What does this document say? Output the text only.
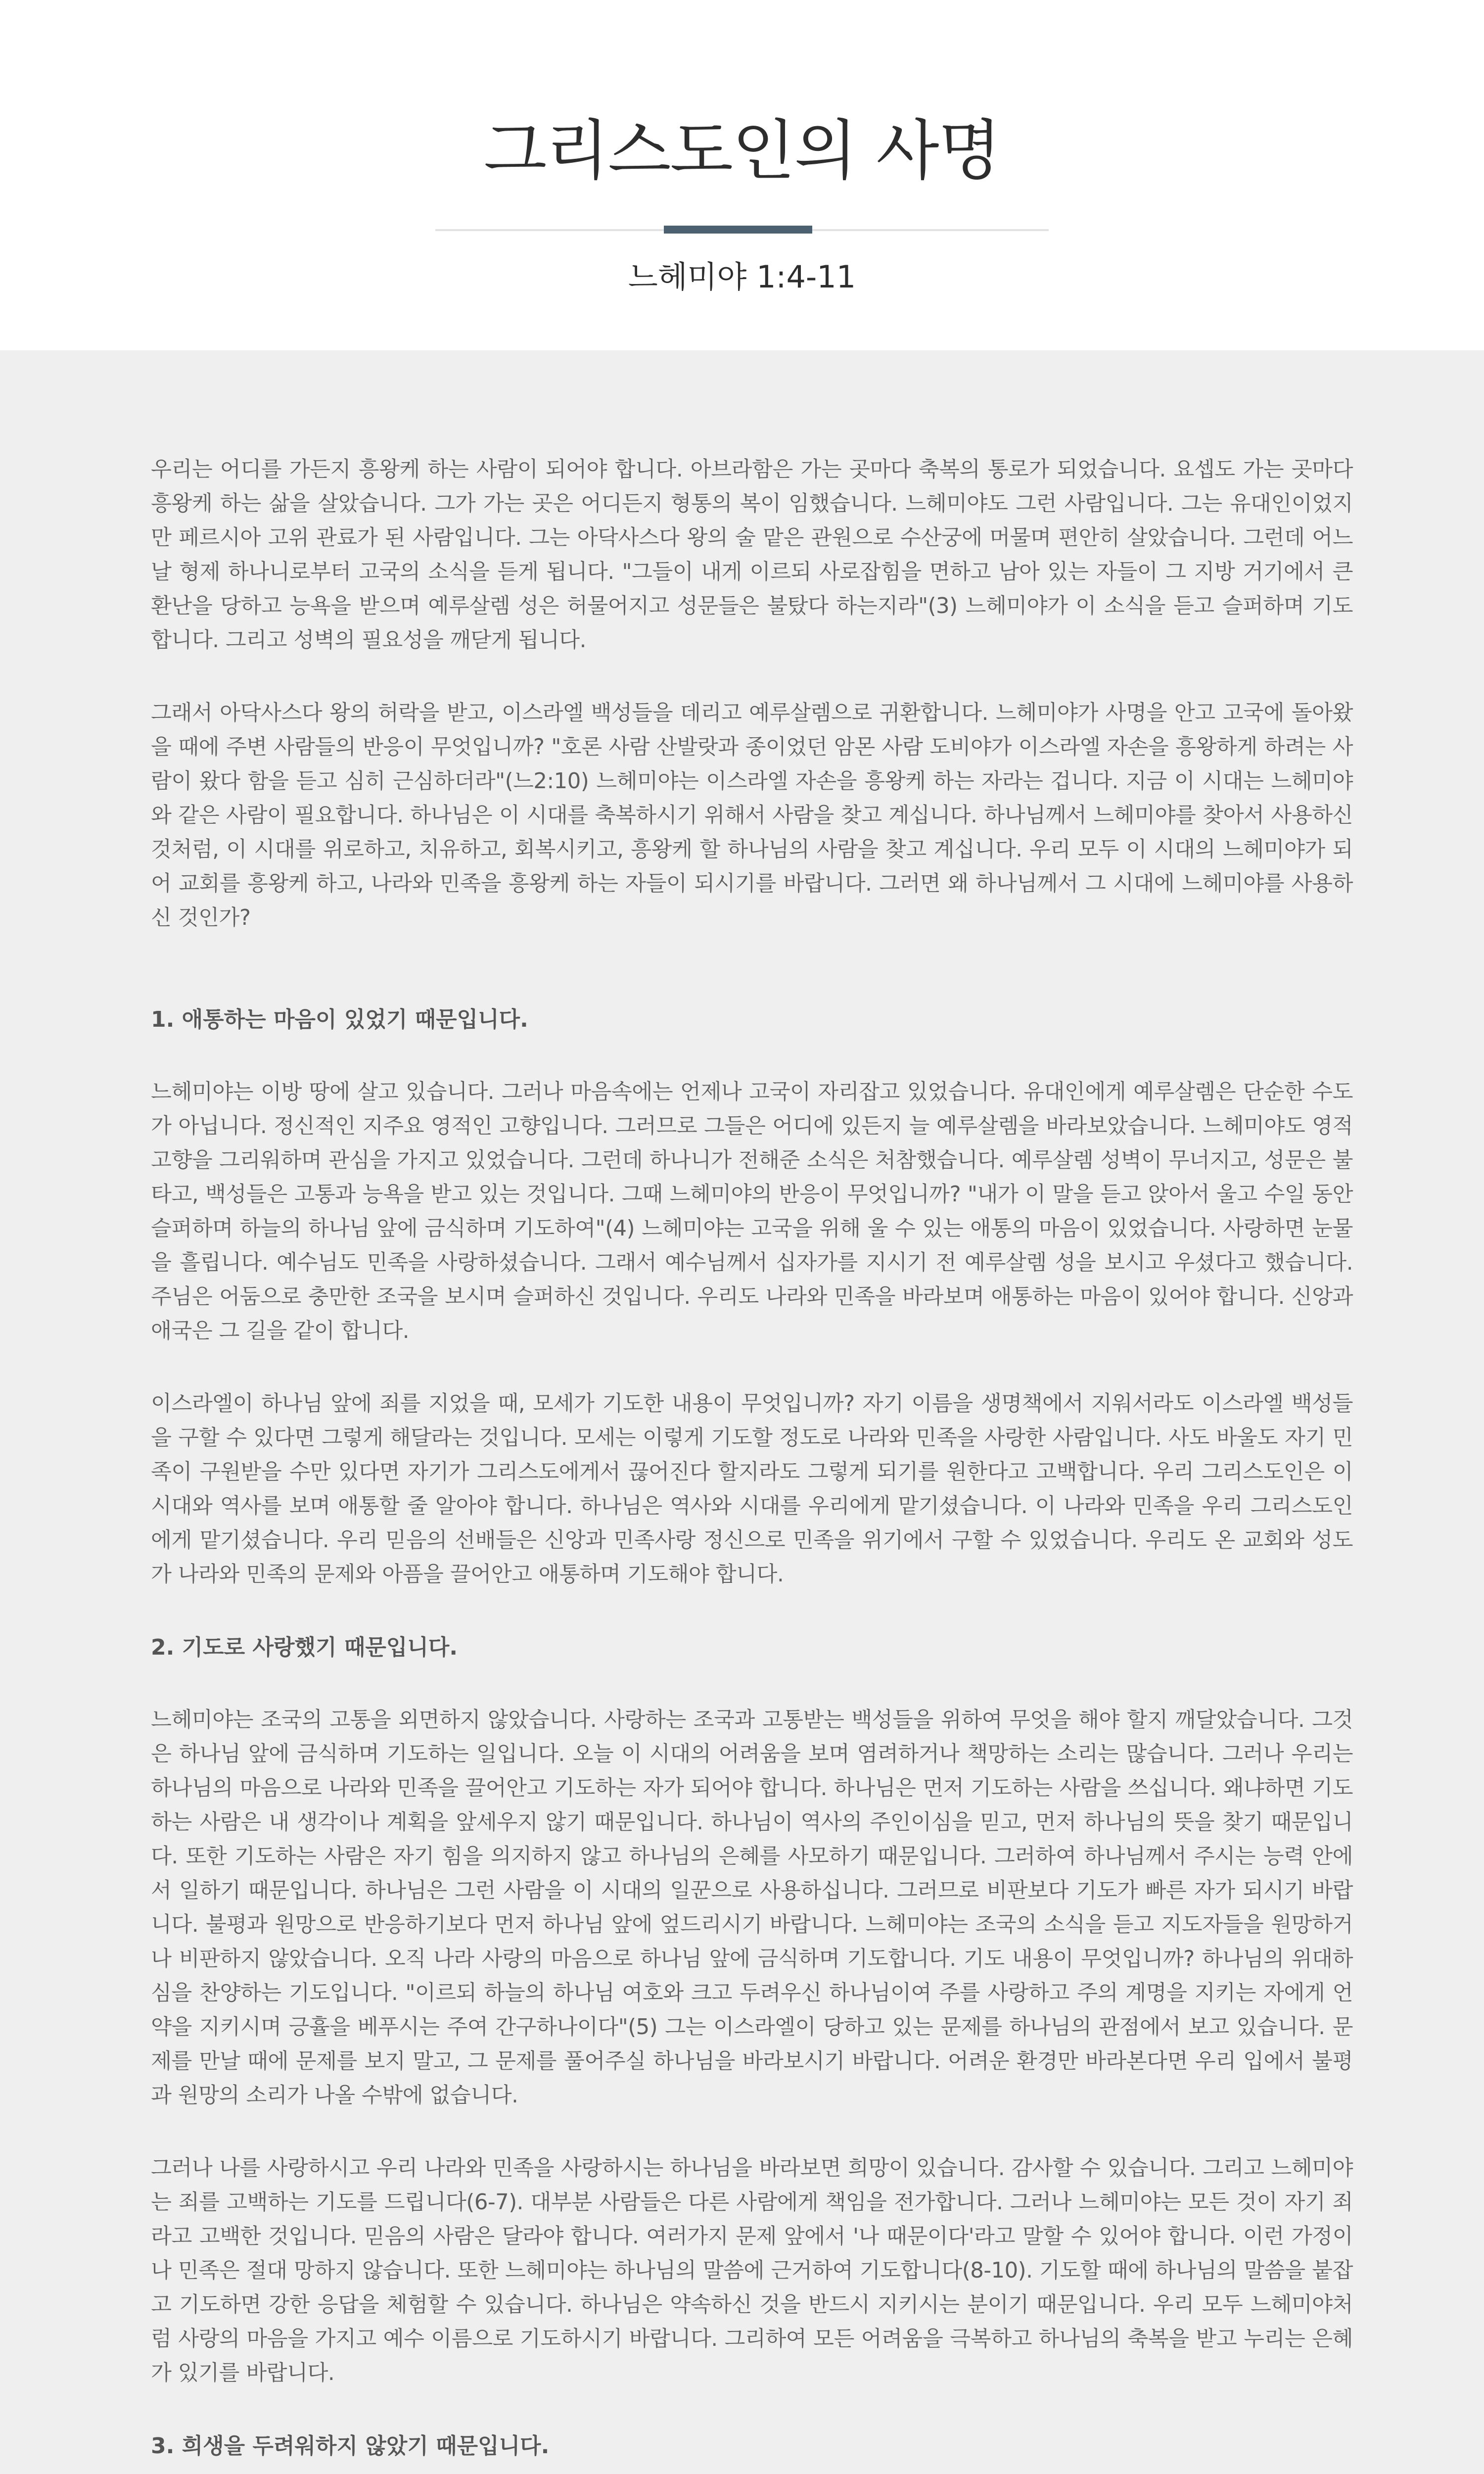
그리스도인의 사명
느헤미야 1:4-11

우리는 어디를 가든지 흥왕케 하는 사람이 되어야 합니다. 아브라함은 가는 곳마다 축복의 통로가 되었습니다. 요셉도 가는 곳마다 흥왕케 하는 삶을 살았습니다. 그가 가는 곳은 어디든지 형통의 복이 임했습니다. 느헤미야도 그런 사람입니다. 그는 유대인이었지만 페르시아 고위 관료가 된 사람입니다. 그는 아닥사스다 왕의 술 맡은 관원으로 수산궁에 머물며 편안히 살았습니다. 그런데 어느 날 형제 하나니로부터 고국의 소식을 듣게 됩니다. "그들이 내게 이르되 사로잡힘을 면하고 남아 있는 자들이 그 지방 거기에서 큰 환난을 당하고 능욕을 받으며 예루살렘 성은 허물어지고 성문들은 불탔다 하는지라"(3) 느헤미야가 이 소식을 듣고 슬퍼하며 기도합니다. 그리고 성벽의 필요성을 깨닫게 됩니다.

그래서 아닥사스다 왕의 허락을 받고, 이스라엘 백성들을 데리고 예루살렘으로 귀환합니다. 느헤미야가 사명을 안고 고국에 돌아왔을 때에 주변 사람들의 반응이 무엇입니까? "호론 사람 산발랏과 종이었던 암몬 사람 도비야가 이스라엘 자손을 흥왕하게 하려는 사람이 왔다 함을 듣고 심히 근심하더라"(느2:10) 느헤미야는 이스라엘 자손을 흥왕케 하는 자라는 겁니다. 지금 이 시대는 느헤미야와 같은 사람이 필요합니다. 하나님은 이 시대를 축복하시기 위해서 사람을 찾고 계십니다. 하나님께서 느헤미야를 찾아서 사용하신 것처럼, 이 시대를 위로하고, 치유하고, 회복시키고, 흥왕케 할 하나님의 사람을 찾고 계십니다. 우리 모두 이 시대의 느헤미야가 되어 교회를 흥왕케 하고, 나라와 민족을 흥왕케 하는 자들이 되시기를 바랍니다. 그러면 왜 하나님께서 그 시대에 느헤미야를 사용하신 것인가?

1. 애통하는 마음이 있었기 때문입니다.

느헤미야는 이방 땅에 살고 있습니다. 그러나 마음속에는 언제나 고국이 자리잡고 있었습니다. 유대인에게 예루살렘은 단순한 수도가 아닙니다. 정신적인 지주요 영적인 고향입니다. 그러므로 그들은 어디에 있든지 늘 예루살렘을 바라보았습니다. 느헤미야도 영적 고향을 그리워하며 관심을 가지고 있었습니다. 그런데 하나니가 전해준 소식은 처참했습니다. 예루살렘 성벽이 무너지고, 성문은 불타고, 백성들은 고통과 능욕을 받고 있는 것입니다. 그때 느헤미야의 반응이 무엇입니까? "내가 이 말을 듣고 앉아서 울고 수일 동안 슬퍼하며 하늘의 하나님 앞에 금식하며 기도하여"(4) 느헤미야는 고국을 위해 울 수 있는 애통의 마음이 있었습니다. 사랑하면 눈물을 흘립니다. 예수님도 민족을 사랑하셨습니다. 그래서 예수님께서 십자가를 지시기 전 예루살렘 성을 보시고 우셨다고 했습니다. 주님은 어둠으로 충만한 조국을 보시며 슬퍼하신 것입니다. 우리도 나라와 민족을 바라보며 애통하는 마음이 있어야 합니다. 신앙과 애국은 그 길을 같이 합니다.

이스라엘이 하나님 앞에 죄를 지었을 때, 모세가 기도한 내용이 무엇입니까? 자기 이름을 생명책에서 지워서라도 이스라엘 백성들을 구할 수 있다면 그렇게 해달라는 것입니다. 모세는 이렇게 기도할 정도로 나라와 민족을 사랑한 사람입니다. 사도 바울도 자기 민족이 구원받을 수만 있다면 자기가 그리스도에게서 끊어진다 할지라도 그렇게 되기를 원한다고 고백합니다. 우리 그리스도인은 이 시대와 역사를 보며 애통할 줄 알아야 합니다. 하나님은 역사와 시대를 우리에게 맡기셨습니다. 이 나라와 민족을 우리 그리스도인에게 맡기셨습니다. 우리 믿음의 선배들은 신앙과 민족사랑 정신으로 민족을 위기에서 구할 수 있었습니다. 우리도 온 교회와 성도가 나라와 민족의 문제와 아픔을 끌어안고 애통하며 기도해야 합니다.

2. 기도로 사랑했기 때문입니다.

느헤미야는 조국의 고통을 외면하지 않았습니다. 사랑하는 조국과 고통받는 백성들을 위하여 무엇을 해야 할지 깨달았습니다. 그것은 하나님 앞에 금식하며 기도하는 일입니다. 오늘 이 시대의 어려움을 보며 염려하거나 책망하는 소리는 많습니다. 그러나 우리는 하나님의 마음으로 나라와 민족을 끌어안고 기도하는 자가 되어야 합니다. 하나님은 먼저 기도하는 사람을 쓰십니다. 왜냐하면 기도하는 사람은 내 생각이나 계획을 앞세우지 않기 때문입니다. 하나님이 역사의 주인이심을 믿고, 먼저 하나님의 뜻을 찾기 때문입니다. 또한 기도하는 사람은 자기 힘을 의지하지 않고 하나님의 은혜를 사모하기 때문입니다. 그러하여 하나님께서 주시는 능력 안에서 일하기 때문입니다. 하나님은 그런 사람을 이 시대의 일꾼으로 사용하십니다. 그러므로 비판보다 기도가 빠른 자가 되시기 바랍니다. 불평과 원망으로 반응하기보다 먼저 하나님 앞에 엎드리시기 바랍니다. 느헤미야는 조국의 소식을 듣고 지도자들을 원망하거나 비판하지 않았습니다. 오직 나라 사랑의 마음으로 하나님 앞에 금식하며 기도합니다. 기도 내용이 무엇입니까? 하나님의 위대하심을 찬양하는 기도입니다. "이르되 하늘의 하나님 여호와 크고 두려우신 하나님이여 주를 사랑하고 주의 계명을 지키는 자에게 언약을 지키시며 긍휼을 베푸시는 주여 간구하나이다"(5) 그는 이스라엘이 당하고 있는 문제를 하나님의 관점에서 보고 있습니다. 문제를 만날 때에 문제를 보지 말고, 그 문제를 풀어주실 하나님을 바라보시기 바랍니다. 어려운 환경만 바라본다면 우리 입에서 불평과 원망의 소리가 나올 수밖에 없습니다.

그러나 나를 사랑하시고 우리 나라와 민족을 사랑하시는 하나님을 바라보면 희망이 있습니다. 감사할 수 있습니다. 그리고 느헤미야는 죄를 고백하는 기도를 드립니다(6-7). 대부분 사람들은 다른 사람에게 책임을 전가합니다. 그러나 느헤미야는 모든 것이 자기 죄라고 고백한 것입니다. 믿음의 사람은 달라야 합니다. 여러가지 문제 앞에서 '나 때문이다'라고 말할 수 있어야 합니다. 이런 가정이나 민족은 절대 망하지 않습니다. 또한 느헤미야는 하나님의 말씀에 근거하여 기도합니다(8-10). 기도할 때에 하나님의 말씀을 붙잡고 기도하면 강한 응답을 체험할 수 있습니다. 하나님은 약속하신 것을 반드시 지키시는 분이기 때문입니다. 우리 모두 느헤미야처럼 사랑의 마음을 가지고 예수 이름으로 기도하시기 바랍니다. 그리하여 모든 어려움을 극복하고 하나님의 축복을 받고 누리는 은혜가 있기를 바랍니다.

3. 희생을 두려워하지 않았기 때문입니다.
